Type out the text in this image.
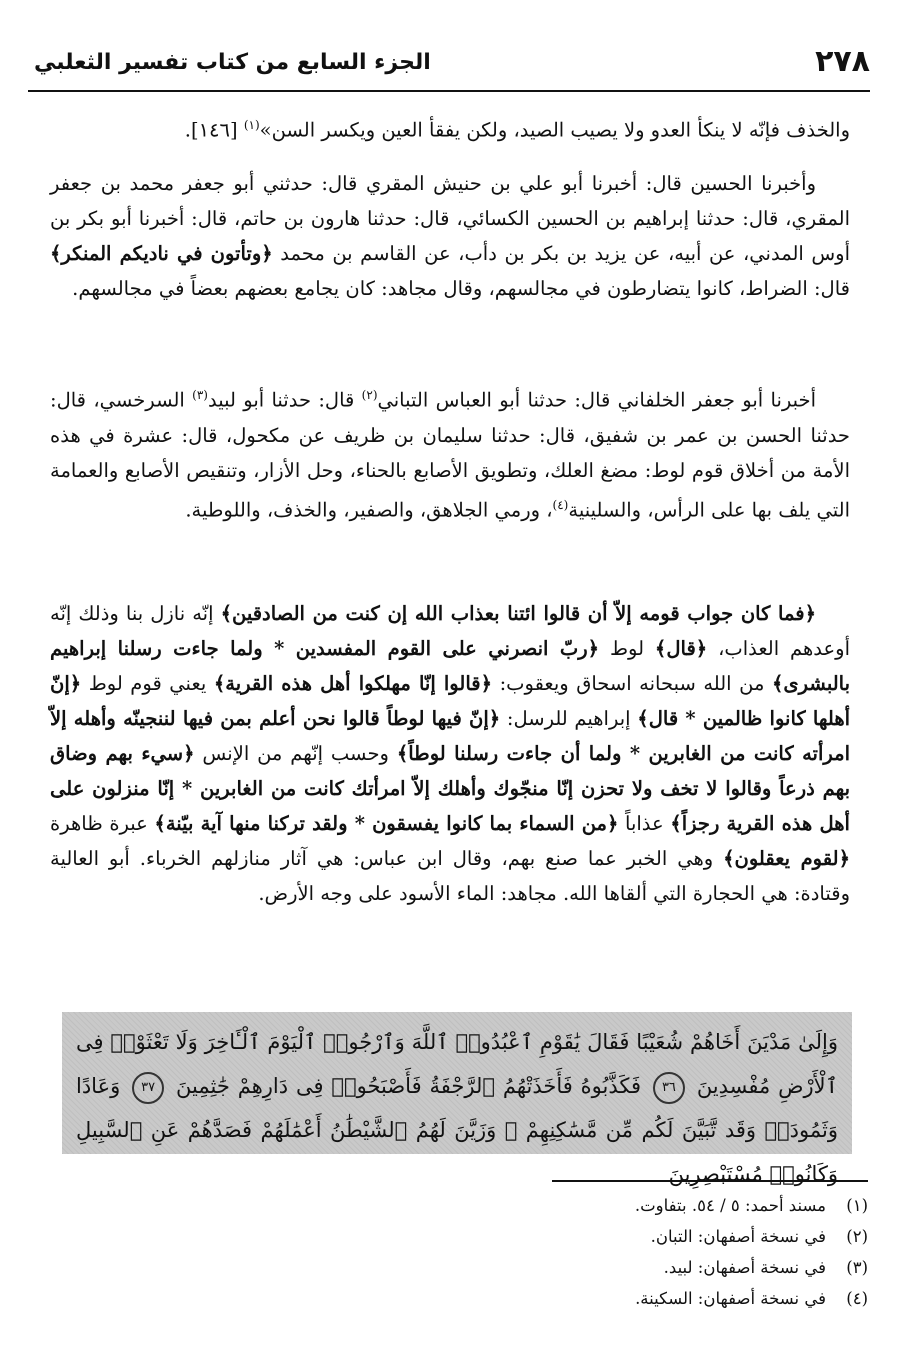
٢٧٨
الجزء السابع من كتاب تفسير الثعلبي
والخذف فإنّه لا ينكأ العدو ولا يصيب الصيد، ولكن يفقأ العين ويكسر السن»$^{(١)}$ [١٤٦].
وأخبرنا الحسين قال: أخبرنا أبو علي بن حنيش المقري قال: حدثني أبو جعفر محمد بن جعفر المقري، قال: حدثنا إبراهيم بن الحسين الكسائي، قال: حدثنا هارون بن حاتم، قال: أخبرنا أبو بكر بن أوس المدني، عن أبيه، عن يزيد بن بكر بن دأب، عن القاسم بن محمد ﴿وتأتون في ناديكم المنكر﴾ قال: الضراط، كانوا يتضارطون في مجالسهم، وقال مجاهد: كان يجامع بعضهم بعضاً في مجالسهم.
أخبرنا أبو جعفر الخلفاني قال: حدثنا أبو العباس التباني$^{(٢)}$ قال: حدثنا أبو لبيد$^{(٣)}$ السرخسي، قال: حدثنا الحسن بن عمر بن شفيق، قال: حدثنا سليمان بن ظريف عن مكحول، قال: عشرة في هذه الأمة من أخلاق قوم لوط: مضغ العلك، وتطويق الأصابع بالحناء، وحل الأزار، وتنقيص الأصابع والعمامة التي يلف بها على الرأس، والسلينية$^{(٤)}$، ورمي الجلاهق، والصفير، والخذف، واللوطية.
﴿فما كان جواب قومه إلاّ أن قالوا ائتنا بعذاب الله إن كنت من الصادقين﴾ إنّه نازل بنا وذلك إنّه أوعدهم العذاب، ﴿قال﴾ لوط ﴿ربّ انصرني على القوم المفسدين * ولما جاءت رسلنا إبراهيم بالبشرى﴾ من الله سبحانه اسحاق ويعقوب: ﴿قالوا إنّا مهلكوا أهل هذه القرية﴾ يعني قوم لوط ﴿إنّ أهلها كانوا ظالمين * قال﴾ إبراهيم للرسل: ﴿إنّ فيها لوطاً قالوا نحن أعلم بمن فيها لننجينّه وأهله إلاّ امرأته كانت من الغابرين * ولما أن جاءت رسلنا لوطاً﴾ وحسب إنّهم من الإنس ﴿سيء بهم وضاق بهم ذرعاً وقالوا لا تخف ولا تحزن إنّا منجّوك وأهلك إلاّ امرأتك كانت من الغابرين * إنّا منزلون على أهل هذه القرية رجزاً﴾ عذاباً ﴿من السماء بما كانوا يفسقون * ولقد تركنا منها آية بيّنة﴾ عبرة ظاهرة ﴿لقوم يعقلون﴾ وهي الخبر عما صنع بهم، وقال ابن عباس: هي آثار منازلهم الخرباء. أبو العالية وقتادة: هي الحجارة التي ألقاها الله. مجاهد: الماء الأسود على وجه الأرض.
وَإِلَىٰ مَدْيَنَ أَخَاهُمْ شُعَيْبًا فَقَالَ يَٰقَوْمِ ٱعْبُدُوا۟ ٱللَّهَ وَٱرْجُوا۟ ٱلْيَوْمَ ٱلْـَٔاخِرَ وَلَا تَعْثَوْا۟ فِى ٱلْأَرْضِ مُفْسِدِينَ ٣٦ فَكَذَّبُوهُ فَأَخَذَتْهُمُ ٱلرَّجْفَةُ فَأَصْبَحُوا۟ فِى دَارِهِمْ جَٰثِمِينَ ٣٧ وَعَادًا وَثَمُودَا۟ وَقَد تَّبَيَّنَ لَكُم مِّن مَّسَٰكِنِهِمْ ۖ وَزَيَّنَ لَهُمُ ٱلشَّيْطَٰنُ أَعْمَٰلَهُمْ فَصَدَّهُمْ عَنِ ٱلسَّبِيلِ وَكَانُوا۟ مُسْتَبْصِرِينَ
(١)مسند أحمد: ٥ / ٥٤. بتفاوت.
(٢)في نسخة أصفهان: التبان.
(٣)في نسخة أصفهان: لبيد.
(٤)في نسخة أصفهان: السكينة.
